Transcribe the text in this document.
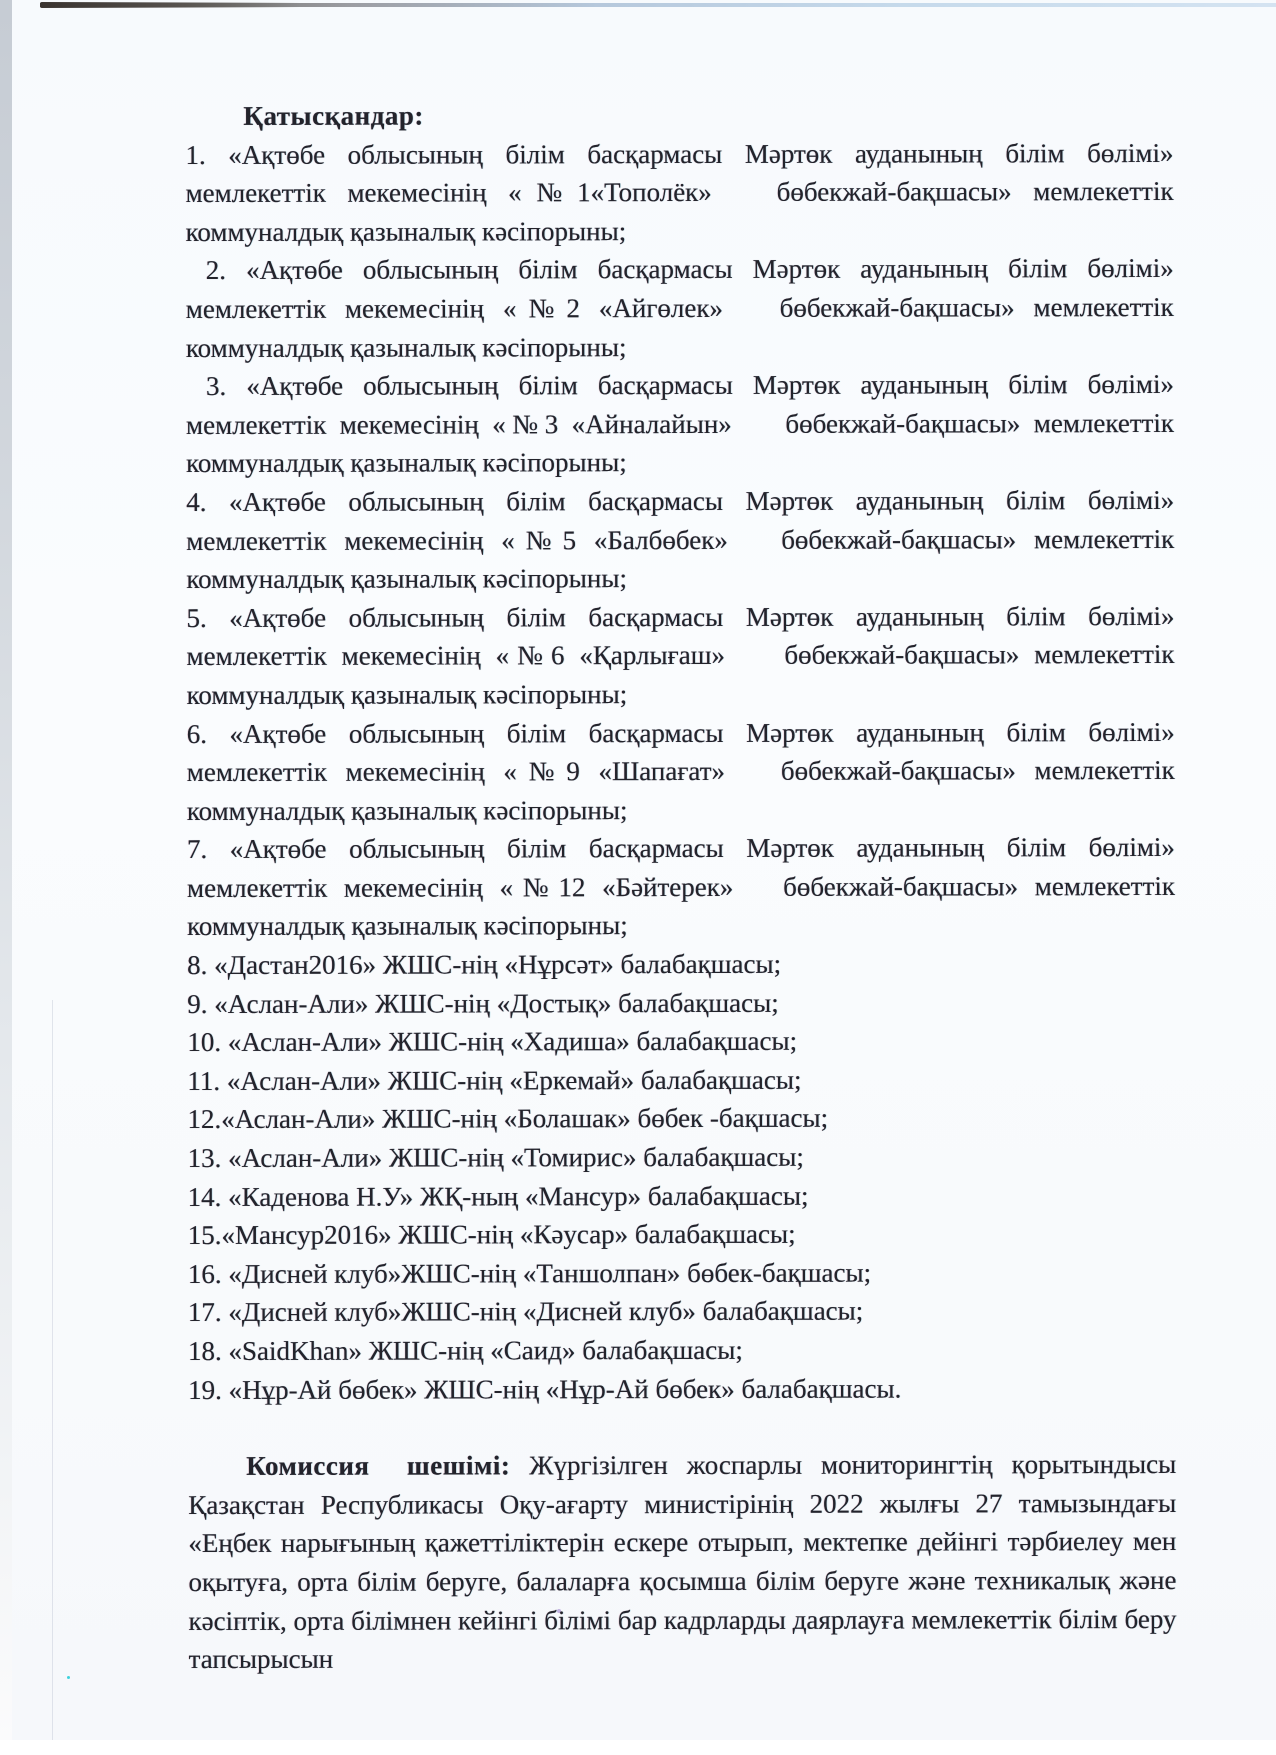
Қатысқандар:

1. «Ақтөбе облысының білім басқармасы Мәртөк ауданының білім бөлімі» мемлекеттік мекемесінің «№1«Тополёк»   бөбекжай-бақшасы» мемлекеттік коммуналдық қазыналық кәсіпорыны;
2. «Ақтөбе облысының білім басқармасы Мәртөк ауданының білім бөлімі» мемлекеттік мекемесінің «№2 «Айгөлек»   бөбекжай-бақшасы» мемлекеттік коммуналдық қазыналық кәсіпорыны;
3. «Ақтөбе облысының білім басқармасы Мәртөк ауданының білім бөлімі» мемлекеттік мекемесінің «№3 «Айналайын»    бөбекжай-бақшасы» мемлекеттік коммуналдық қазыналық кәсіпорыны;
4. «Ақтөбе облысының білім басқармасы Мәртөк ауданының білім бөлімі» мемлекеттік мекемесінің «№5 «Балбөбек»   бөбекжай-бақшасы» мемлекеттік коммуналдық қазыналық кәсіпорыны;
5. «Ақтөбе облысының білім басқармасы Мәртөк ауданының білім бөлімі» мемлекеттік мекемесінің «№6 «Қарлығаш»    бөбекжай-бақшасы» мемлекеттік коммуналдық қазыналық кәсіпорыны;
6. «Ақтөбе облысының білім басқармасы Мәртөк ауданының білім бөлімі» мемлекеттік мекемесінің «№9 «Шапағат»   бөбекжай-бақшасы» мемлекеттік коммуналдық қазыналық кәсіпорыны;
7. «Ақтөбе облысының білім басқармасы Мәртөк ауданының білім бөлімі» мемлекеттік мекемесінің «№12 «Бәйтерек»   бөбекжай-бақшасы» мемлекеттік коммуналдық қазыналық кәсіпорыны;
8. «Дастан2016» ЖШС-нің «Нұрсәт» балабақшасы;
9. «Аслан-Али» ЖШС-нің «Достық» балабақшасы;
10. «Аслан-Али» ЖШС-нің «Хадиша» балабақшасы;
11. «Аслан-Али» ЖШС-нің «Еркемай» балабақшасы;
12.«Аслан-Али» ЖШС-нің «Болашак» бөбек -бақшасы;
13. «Аслан-Али» ЖШС-нің «Томирис» балабақшасы;
14. «Каденова Н.У» ЖҚ-ның «Мансур» балабақшасы;
15.«Мансур2016» ЖШС-нің «Кәусар» балабақшасы;
16. «Дисней клуб»ЖШС-нің «Таншолпан» бөбек-бақшасы;
17. «Дисней клуб»ЖШС-нің «Дисней клуб» балабақшасы;
18. «SaidKhan» ЖШС-нің «Саид» балабақшасы;
19. «Нұр-Ай бөбек» ЖШС-нің «Нұр-Ай бөбек» балабақшасы.

Комиссия шешімі: Жүргізілген жоспарлы мониторингтің қорытындысы Қазақстан Республикасы Оқу-ағарту министірінің 2022 жылғы 27 тамызындағы «Еңбек нарығының қажеттіліктерін ескере отырып, мектепке дейінгі тәрбиелеу мен оқытуға, орта білім беруге, балаларға қосымша білім беруге және техникалық және кәсіптік, орта білімнен кейінгі білімі бар кадрларды даярлауға мемлекеттік білім беру тапсырысын
